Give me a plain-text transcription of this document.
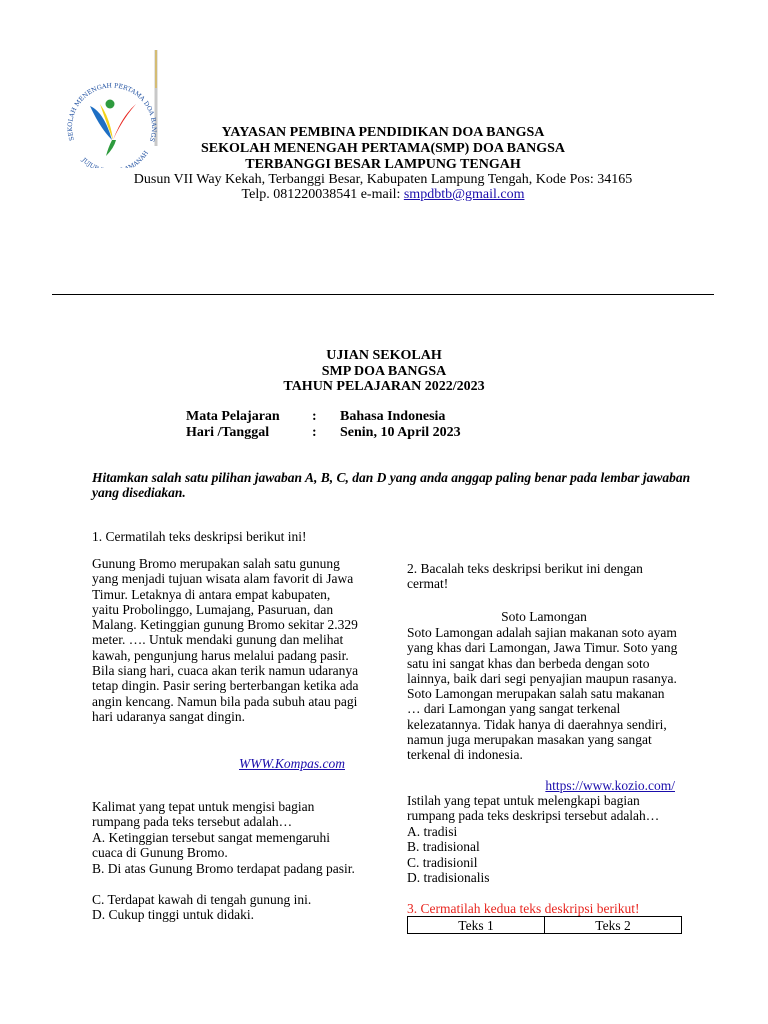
SEKOLAH MENENGAH PERTAMA DOA BANGS
JUJU MANAH
YAYASAN PEMBINA PENDIDIKAN DOA BANGSA
SEKOLAH MENENGAH PERTAMA(SMP) DOA BANGSA
TERBANGGI BESAR LAMPUNG TENGAH
Dusun VII Way Kekah, Terbanggi Besar, Kabupaten Lampung Tengah, Kode Pos: 34165
Telp. 081220038541 e-mail: smpdbtb@gmail.com
UJIAN SEKOLAH
SMP DOA BANGSA
TAHUN PELAJARAN 2022/2023
Mata Pelajaran : Bahasa Indonesia
Hari /Tanggal	: Senin, 10 April 2023
Hitamkan salah satu pilihan jawaban A, B, C, dan D yang anda anggap paling benar pada lembar jawaban yang disediakan.
1. Cermatilah teks deskripsi berikut ini!
Gunung Bromo merupakan salah satu gunung yang menjadi tujuan wisata alam favorit di Jawa Timur. Letaknya di antara empat kabupaten, yaitu Probolinggo, Lumajang, Pasuruan, dan Malang. Ketinggian gunung Bromo sekitar 2.329 meter. …. Untuk mendaki gunung dan melihat kawah, pengunjung harus melalui padang pasir. Bila siang hari, cuaca akan terik namun udaranya tetap dingin. Pasir sering berterbangan ketika ada angin kencang. Namun bila pada subuh atau pagi hari udaranya sangat dingin.
WWW.Kompas.com
Kalimat yang tepat untuk mengisi bagian rumpang pada teks tersebut adalah…
A. Ketinggian tersebut sangat memengaruhi cuaca di Gunung Bromo.
B. Di atas Gunung Bromo terdapat padang pasir.
C. Terdapat kawah di tengah gunung ini.
D. Cukup tinggi untuk didaki.
2. Bacalah teks deskripsi berikut ini dengan cermat!
Soto Lamongan
Soto Lamongan adalah sajian makanan soto ayam yang khas dari Lamongan, Jawa Timur. Soto yang satu ini sangat khas dan berbeda dengan soto lainnya, baik dari segi penyajian maupun rasanya. Soto Lamongan merupakan salah satu makanan … dari Lamongan yang sangat terkenal kelezatannya. Tidak hanya di daerahnya sendiri, namun juga merupakan masakan yang sangat terkenal di indonesia.
https://www.kozio.com/
Istilah yang tepat untuk melengkapi bagian rumpang pada teks deskripsi tersebut adalah…
A. tradisi
B. tradisional
C. tradisionil
D. tradisionalis
3. Cermatilah kedua teks deskripsi berikut!
Teks 1	Teks 2
